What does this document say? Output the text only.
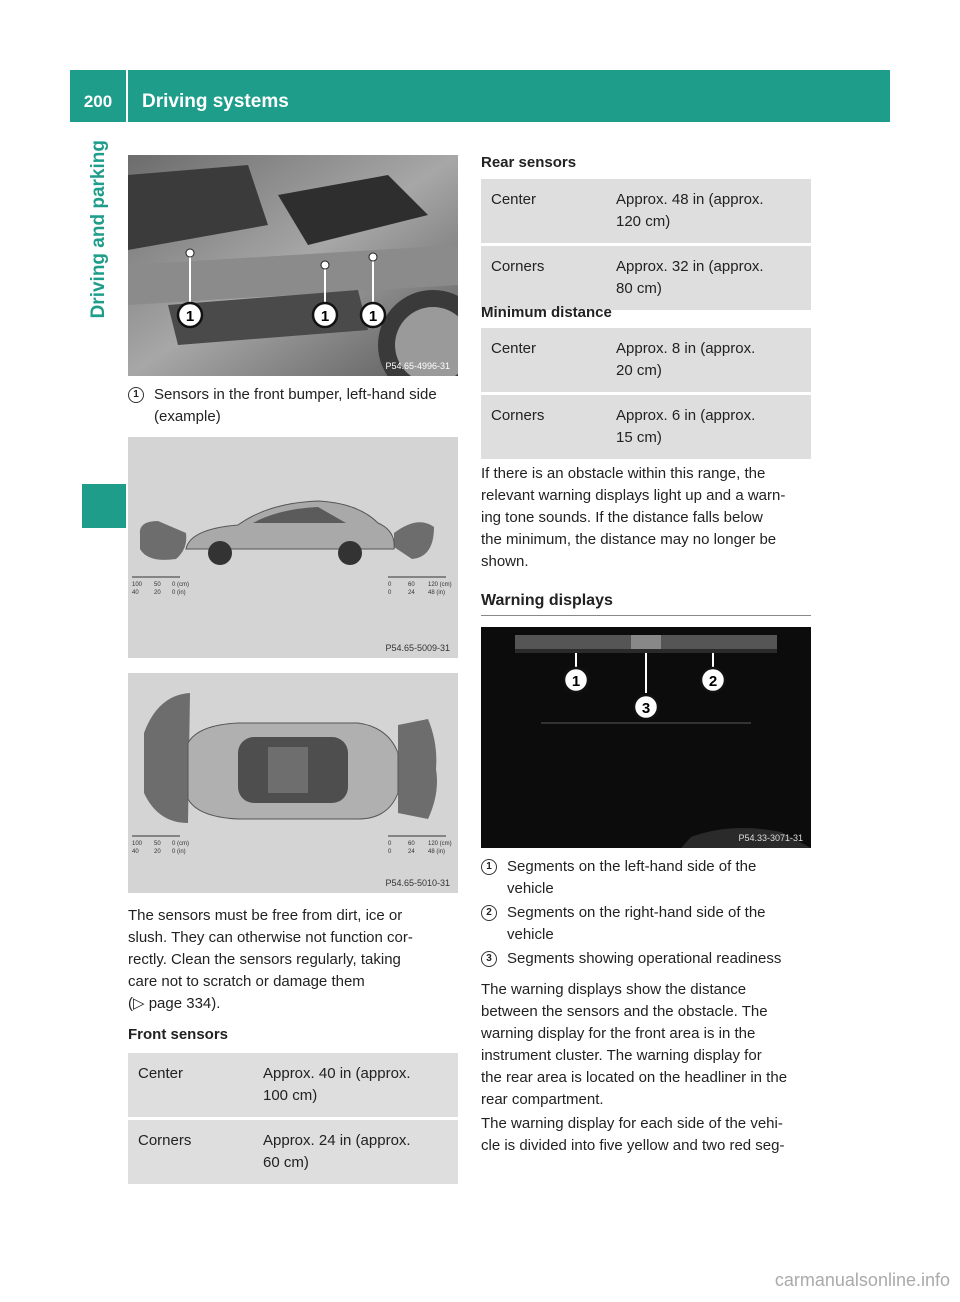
200	Driving systems
Driving and parking	1	1	1
P54.65-4996-31
1	Sensors in the front bumper, left-hand side (example)
100 50 0 (cm)
40	20 0 (in)
0	60 120 (cm)
0	24 48 (in)
P54.65-5009-31
100 50 0 (cm)
40	20 0 (in)
0	60 120 (cm)
0	24 48 (in)
P54.65-5010-31
The sensors must be free from dirt, ice or
slush. They can otherwise not function cor-
rectly. Clean the sensors regularly, taking
care not to scratch or damage them
(▷ page 334).
Front sensors
Center	Approx. 40 in (approx.
100 cm)

Corners	Approx. 24 in (approx.
60 cm)
Rear sensors
Center	Approx. 48 in (approx.
120 cm)

Corners	Approx. 32 in (approx.
80 cm)
Minimum distance
Center	Approx. 8 in (approx.
20 cm)

Corners	Approx. 6 in (approx.
15 cm)
If there is an obstacle within this range, the
relevant warning displays light up and a warn-
ing tone sounds. If the distance falls below
the minimum, the distance may no longer be
shown.
Warning displays
1
3
2
P54.33-3071-31
1	Segments on the left-hand side of the
vehicle
2	Segments on the right-hand side of the
vehicle
3	Segments showing operational readiness
The warning displays show the distance
between the sensors and the obstacle. The
warning display for the front area is in the
instrument cluster. The warning display for
the rear area is located on the headliner in the
rear compartment.
The warning display for each side of the vehi-
cle is divided into five yellow and two red seg-
carmanualsonline.info
